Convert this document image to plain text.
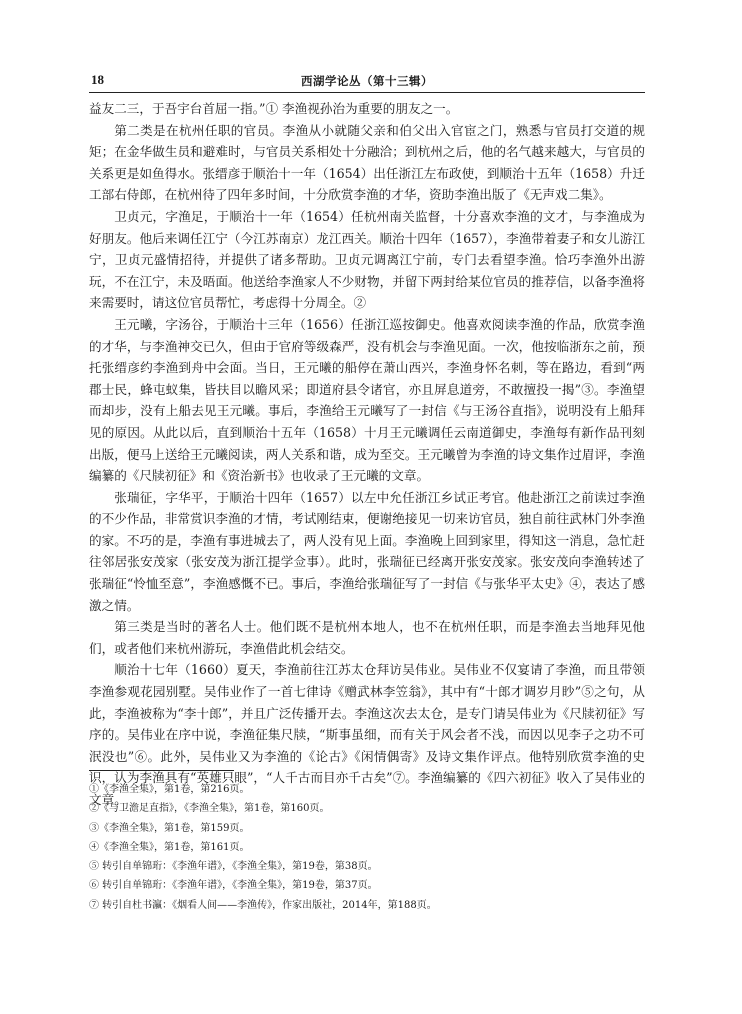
18	西湖学论丛（第十三辑）

益友二三，于吾宇台首屈一指。”① 李渔视孙治为重要的朋友之一。

第二类是在杭州任职的官员。李渔从小就随父亲和伯父出入官宦之门，熟悉与官员打交道的规矩；在金华做生员和避难时，与官员关系相处十分融洽；到杭州之后，他的名气越来越大，与官员的关系更是如鱼得水。张缙彦于顺治十一年（1654）出任浙江左布政使，到顺治十五年（1658）升迁工部右侍郎，在杭州待了四年多时间，十分欣赏李渔的才华，资助李渔出版了《无声戏二集》。

卫贞元，字渔足，于顺治十一年（1654）任杭州南关监督，十分喜欢李渔的文才，与李渔成为好朋友。他后来调任江宁（今江苏南京）龙江西关。顺治十四年（1657），李渔带着妻子和女儿游江宁，卫贞元盛情招待，并提供了诸多帮助。卫贞元调离江宁前，专门去看望李渔。恰巧李渔外出游玩，不在江宁，未及晤面。他送给李渔家人不少财物，并留下两封给某位官员的推荐信，以备李渔将来需要时，请这位官员帮忙，考虑得十分周全。②

王元曦，字汤谷，于顺治十三年（1656）任浙江巡按御史。他喜欢阅读李渔的作品，欣赏李渔的才华，与李渔神交已久，但由于官府等级森严，没有机会与李渔见面。一次，他按临浙东之前，预托张缙彦约李渔到舟中会面。当日，王元曦的船停在萧山西兴，李渔身怀名刺，等在路边，看到“两郡士民，蜂屯蚁集，皆扶目以瞻风采；即道府县令诸官，亦且屏息道旁，不敢擅投一揭”③。李渔望而却步，没有上船去见王元曦。事后，李渔给王元曦写了一封信《与王汤谷直指》，说明没有上船拜见的原因。从此以后，直到顺治十五年（1658）十月王元曦调任云南道御史，李渔每有新作品刊刻出版，便马上送给王元曦阅读，两人关系和谐，成为至交。王元曦曾为李渔的诗文集作过眉评，李渔编纂的《尺牍初征》和《资治新书》也收录了王元曦的文章。

张瑞征，字华平，于顺治十四年（1657）以左中允任浙江乡试正考官。他赴浙江之前读过李渔的不少作品，非常赏识李渔的才情，考试刚结束，便谢绝接见一切来访官员，独自前往武林门外李渔的家。不巧的是，李渔有事进城去了，两人没有见上面。李渔晚上回到家里，得知这一消息，急忙赶往邻居张安茂家（张安茂为浙江提学佥事）。此时，张瑞征已经离开张安茂家。张安茂向李渔转述了张瑞征“怜恤至意”，李渔感慨不已。事后，李渔给张瑞征写了一封信《与张华平太史》④，表达了感激之情。

第三类是当时的著名人士。他们既不是杭州本地人，也不在杭州任职，而是李渔去当地拜见他们，或者他们来杭州游玩，李渔借此机会结交。

顺治十七年（1660）夏天，李渔前往江苏太仓拜访吴伟业。吴伟业不仅宴请了李渔，而且带领李渔参观花园别墅。吴伟业作了一首七律诗《赠武林李笠翁》，其中有“十郎才调岁月眇”⑤之句，从此，李渔被称为“李十郎”，并且广泛传播开去。李渔这次去太仓，是专门请吴伟业为《尺牍初征》写序的。吴伟业在序中说，李渔征集尺牍，“斯事虽细，而有关于风会者不浅，而因以见李子之功不可泯没也”⑥。此外，吴伟业又为李渔的《论古》《闲情偶寄》及诗文集作评点。他特别欣赏李渔的史识，认为李渔具有“英雄只眼”，“人千古而目亦千古矣”⑦。李渔编纂的《四六初征》收入了吴伟业的文章。

①《李渔全集》，第1卷，第216页。
②《与卫澹足直指》，《李渔全集》，第1卷，第160页。
③《李渔全集》，第1卷，第159页。
④《李渔全集》，第1卷，第161页。
⑤ 转引自单锦珩：《李渔年谱》，《李渔全集》，第19卷，第38页。
⑥ 转引自单锦珩：《李渔年谱》，《李渔全集》，第19卷，第37页。
⑦ 转引自杜书瀛：《烟看人间——李渔传》，作家出版社，2014年，第188页。
